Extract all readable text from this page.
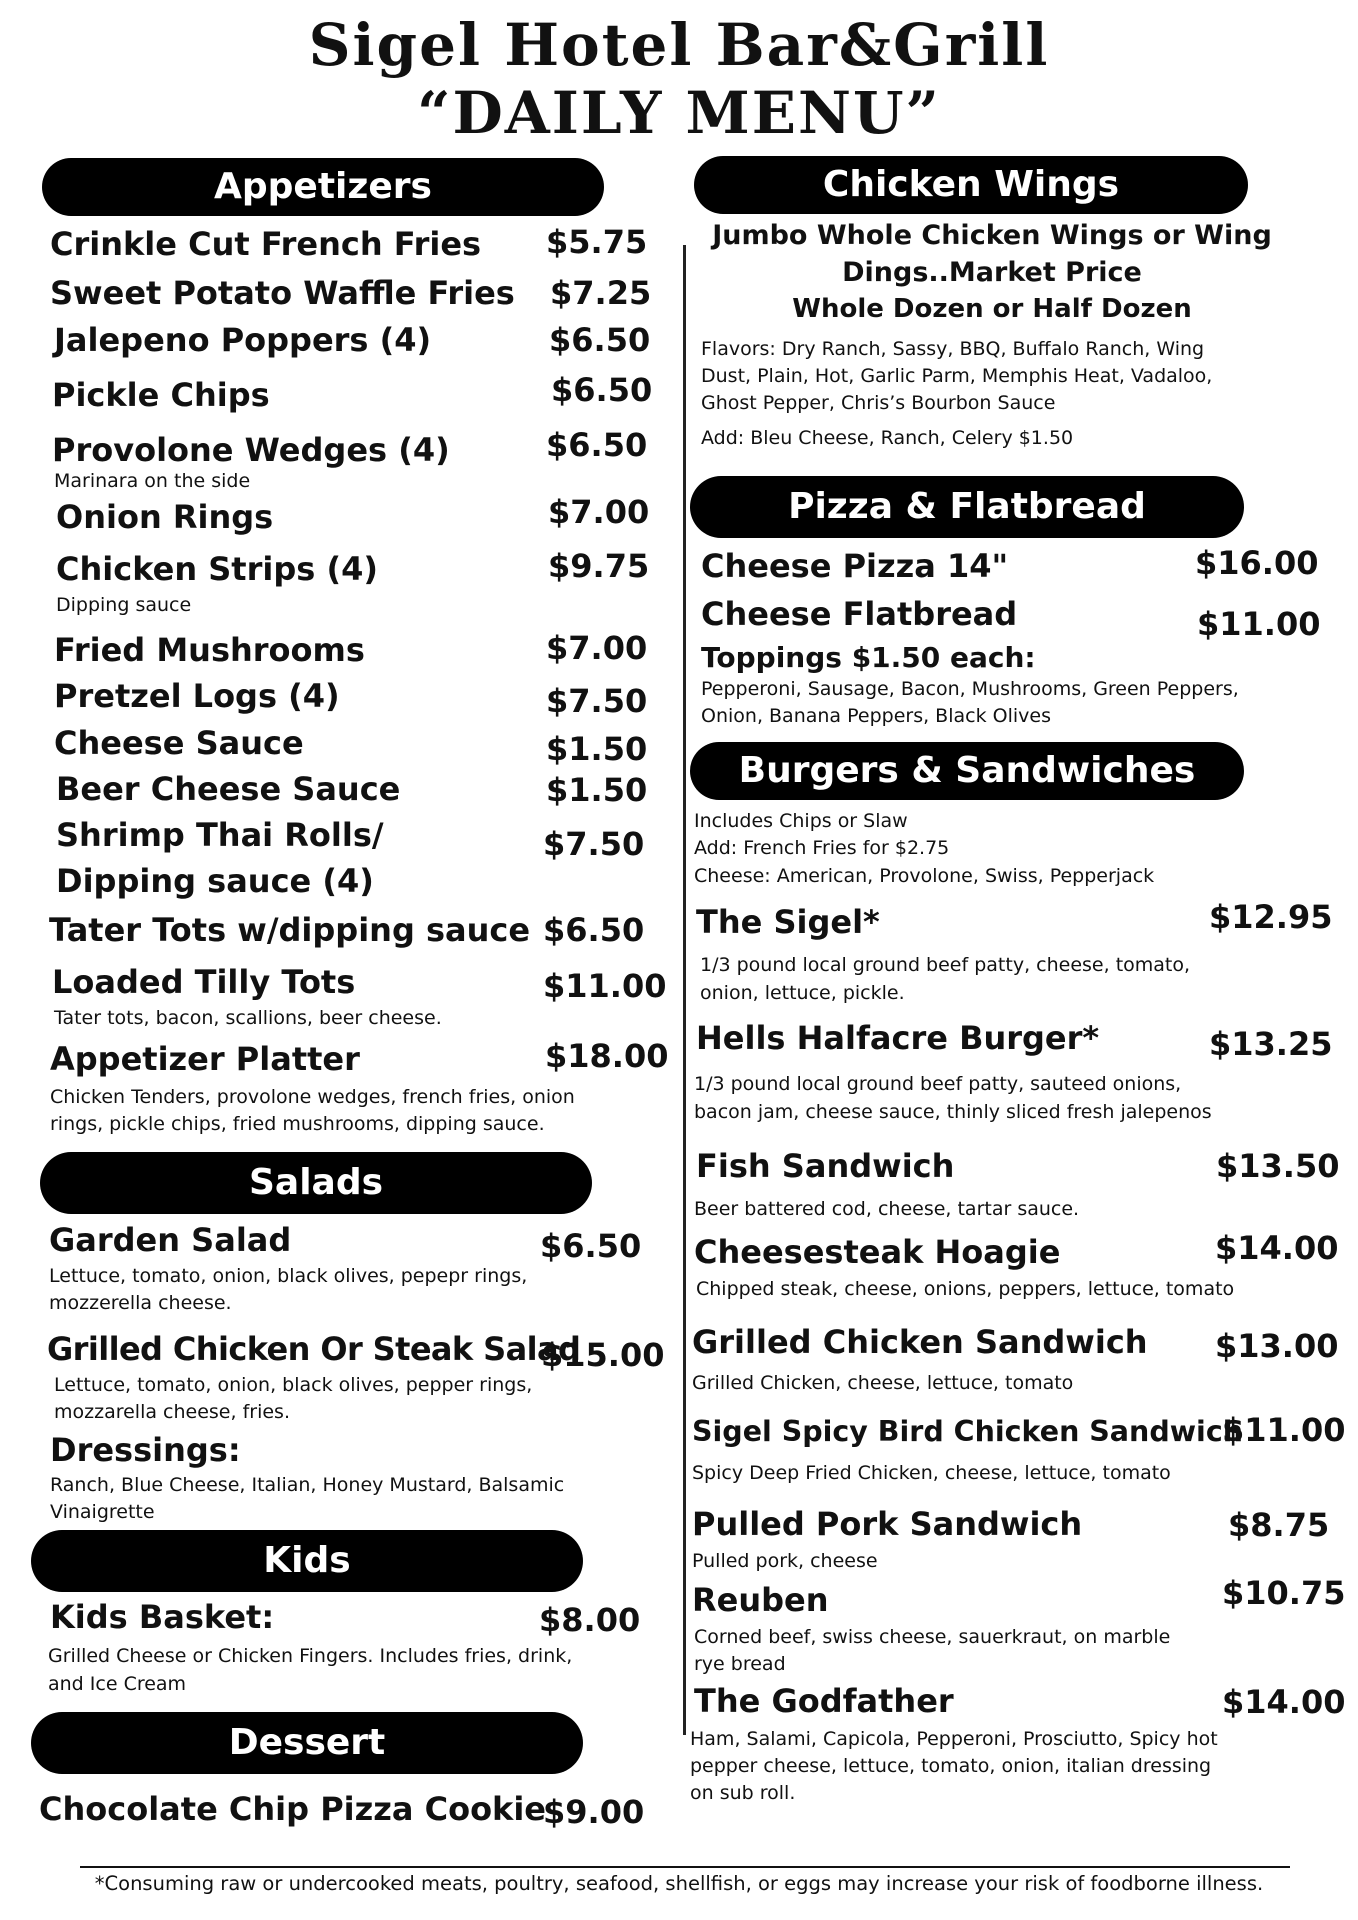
Sigel Hotel Bar&Grill
“DAILY MENU”
Appetizers
Crinkle Cut French Fries $5.75
Sweet Potato Waffle Fries $7.25
Jalepeno Poppers (4)	$6.50
Pickle Chips	$6.50
Provolone Wedges (4)	$6.50
Marinara on the side
Onion Rings	$7.00
Chicken Strips (4)	$9.75
Dipping sauce
Fried Mushrooms	$7.00
Pretzel Logs (4)	$7.50
Cheese Sauce	$1.50
Beer Cheese Sauce	$1.50
Shrimp Thai Rolls/
Dipping sauce (4)
$7.50
Tater Tots w/dipping sauce $6.50
Loaded Tilly Tots	$11.00
Tater tots, bacon, scallions, beer cheese.
Appetizer Platter	$18.00
Chicken Tenders, provolone wedges, french fries, onion
rings, pickle chips, fried mushrooms, dipping sauce.
Salads
Garden Salad	$6.50
Lettuce, tomato, onion, black olives, pepepr rings,
mozzerella cheese.
Grilled Chicken Or Steak Salad
$15.00
Lettuce, tomato, onion, black olives, pepper rings,
mozzarella cheese, fries.
Dressings:
Ranch, Blue Cheese, Italian, Honey Mustard, Balsamic
Vinaigrette
Kids
Kids Basket:	$8.00
Grilled Cheese or Chicken Fingers. Includes fries, drink,
and Ice Cream
Dessert
Chocolate Chip Pizza Cookie
$9.00
Chicken Wings
Jumbo Whole Chicken Wings or Wing
Dings..Market Price
Whole Dozen or Half Dozen
Flavors: Dry Ranch, Sassy, BBQ, Buffalo Ranch, Wing
Dust, Plain, Hot, Garlic Parm, Memphis Heat, Vadaloo,
Ghost Pepper, Chris’s Bourbon Sauce
Add: Bleu Cheese, Ranch, Celery $1.50
Pizza & Flatbread
Cheese Pizza 14"	$16.00
Cheese Flatbread	$11.00
Toppings $1.50 each:
Pepperoni, Sausage, Bacon, Mushrooms, Green Peppers,
Onion, Banana Peppers, Black Olives
Burgers & Sandwiches
Includes Chips or Slaw
Add: French Fries for $2.75
Cheese: American, Provolone, Swiss, Pepperjack
The Sigel*	$12.95
1/3 pound local ground beef patty, cheese, tomato,
onion, lettuce, pickle.
Hells Halfacre Burger*	$13.25
1/3 pound local ground beef patty, sauteed onions,
bacon jam, cheese sauce, thinly sliced fresh jalepenos
Fish Sandwich	$13.50
Beer battered cod, cheese, tartar sauce.
Cheesesteak Hoagie	$14.00
Chipped steak, cheese, onions, peppers, lettuce, tomato
Grilled Chicken Sandwich $13.00
Grilled Chicken, cheese, lettuce, tomato
Sigel Spicy Bird Chicken Sandwich
$11.00
Spicy Deep Fried Chicken, cheese, lettuce, tomato
Pulled Pork Sandwich	$8.75
Pulled pork, cheese
Reuben	$10.75
Corned beef, swiss cheese, sauerkraut, on marble
rye bread
The Godfather	$14.00
Ham, Salami, Capicola, Pepperoni, Prosciutto, Spicy hot
pepper cheese, lettuce, tomato, onion, italian dressing
on sub roll.
*Consuming raw or undercooked meats, poultry, seafood, shellfish, or eggs may increase your risk of foodborne illness.
